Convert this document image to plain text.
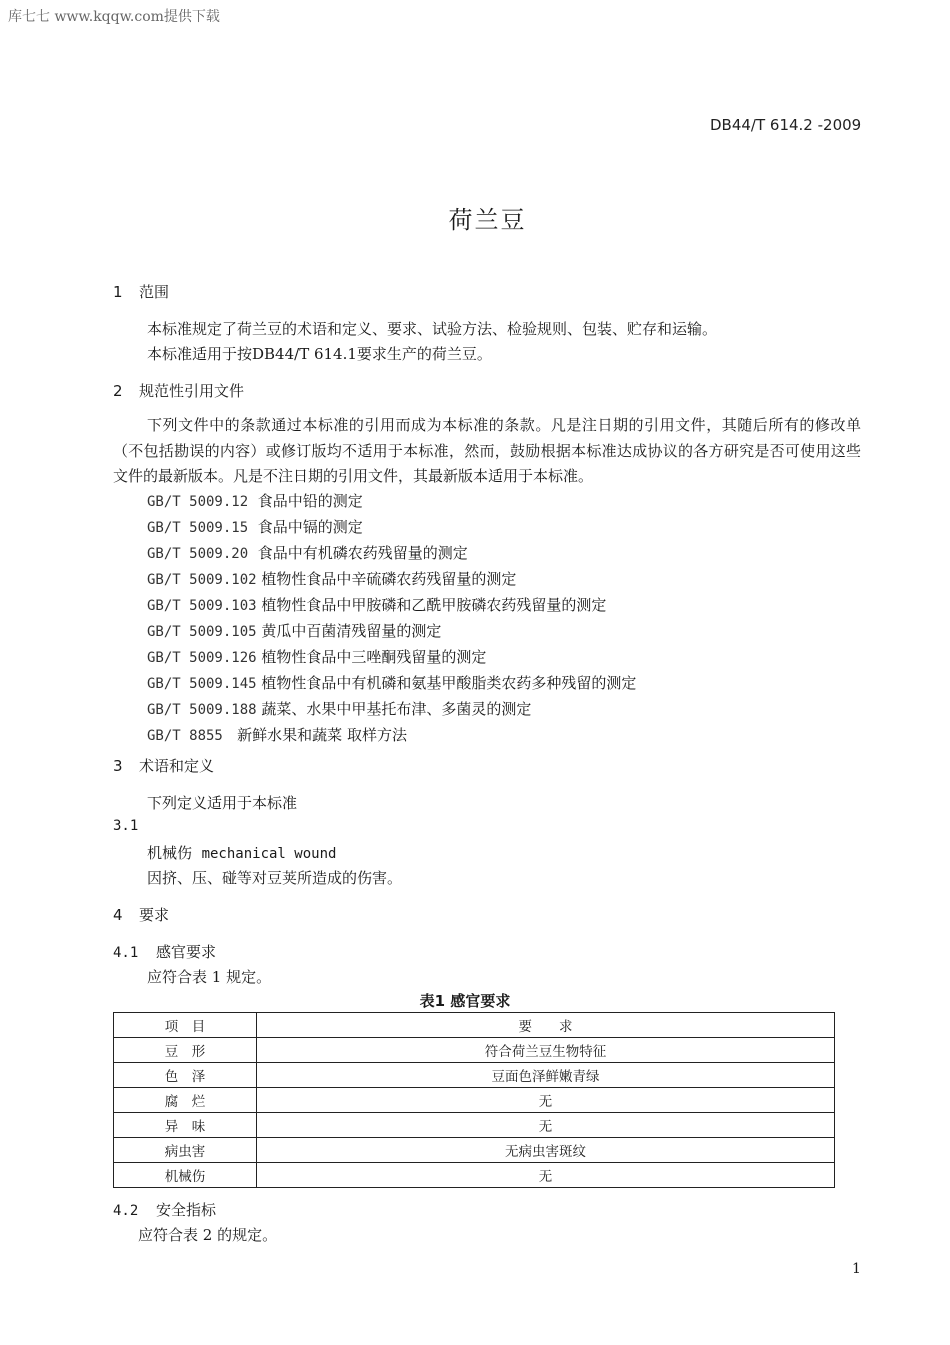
库七七 www.kqqw.com提供下载
DB44/T 614.2 -2009
荷兰豆
1 范围
本标准规定了荷兰豆的术语和定义、要求、试验方法、检验规则、包装、贮存和运输。
本标准适用于按DB44/T 614.1要求生产的荷兰豆。
2 规范性引用文件
下列文件中的条款通过本标准的引用而成为本标准的条款。凡是注日期的引用文件，其随后所有的修改单（不包括勘误的内容）或修订版均不适用于本标准，然而，鼓励根据本标准达成协议的各方研究是否可使用这些文件的最新版本。凡是不注日期的引用文件，其最新版本适用于本标准。
GB/T 5009.12 食品中铅的测定
GB/T 5009.15 食品中镉的测定
GB/T 5009.20 食品中有机磷农药残留量的测定
GB/T 5009.102 植物性食品中辛硫磷农药残留量的测定
GB/T 5009.103 植物性食品中甲胺磷和乙酰甲胺磷农药残留量的测定
GB/T 5009.105 黄瓜中百菌清残留量的测定
GB/T 5009.126 植物性食品中三唑酮残留量的测定
GB/T 5009.145 植物性食品中有机磷和氨基甲酸脂类农药多种残留的测定
GB/T 5009.188 蔬菜、水果中甲基托布津、多菌灵的测定
GB/T 8855 新鲜水果和蔬菜 取样方法
3 术语和定义
下列定义适用于本标准
3.1
机械伤 mechanical wound
因挤、压、碰等对豆荚所造成的伤害。
4 要求
4.1 感官要求
应符合表 1 规定。
表1 感官要求
项　目	要　　求
豆　形	符合荷兰豆生物特征
色　泽	豆面色泽鲜嫩青绿
腐　烂	无
异　味	无
病虫害	无病虫害斑纹
机械伤	无
4.2 安全指标
应符合表 2 的规定。
1
